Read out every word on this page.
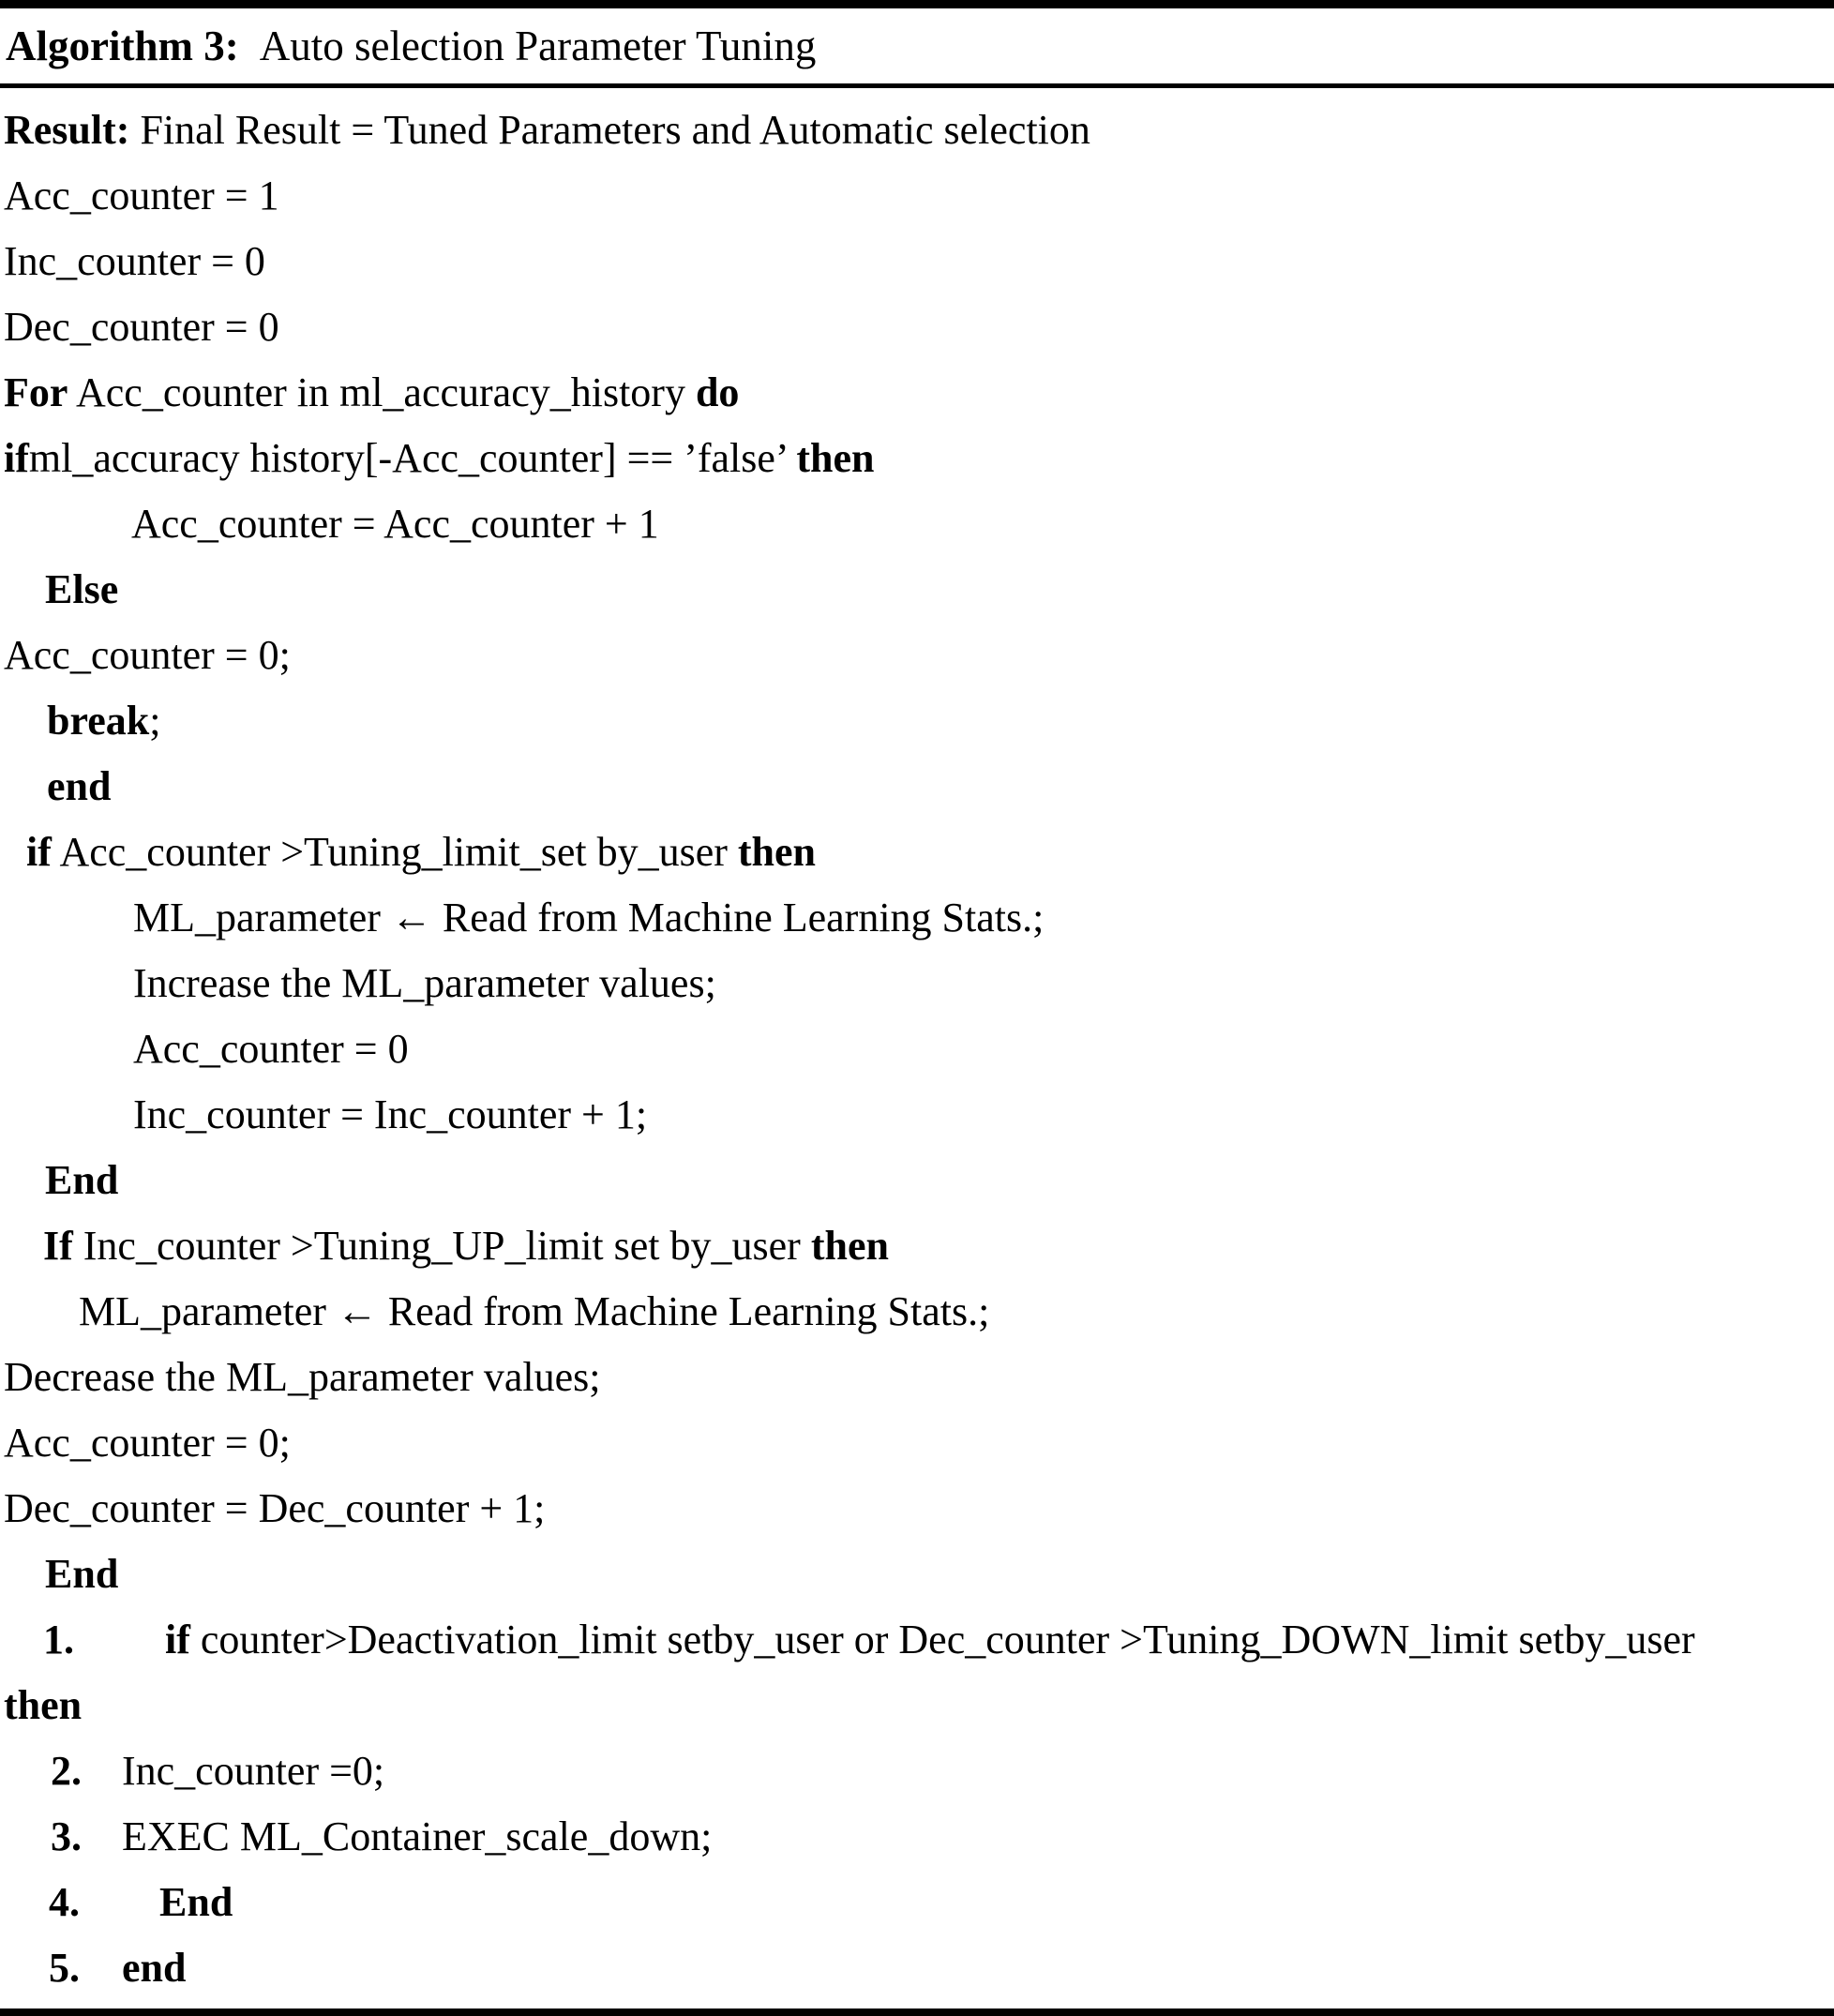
Algorithm 3: Auto selection Parameter Tuning
Result: Final Result = Tuned Parameters and Automatic selection
Acc_counter = 1
Inc_counter = 0
Dec_counter = 0
For Acc_counter in ml_accuracy_history do
ifml_accuracy history[-Acc_counter] == ’false’ then
Acc_counter = Acc_counter + 1
Else
Acc_counter = 0;
break;
end
if Acc_counter >Tuning_limit_set by_user then
ML_parameter ← Read from Machine Learning Stats.;
Increase the ML_parameter values;
Acc_counter = 0
Inc_counter = Inc_counter + 1;
End
If Inc_counter >Tuning_UP_limit set by_user then
ML_parameter ← Read from Machine Learning Stats.;
Decrease the ML_parameter values;
Acc_counter = 0;
Dec_counter = Dec_counter + 1;
End
1. if counter>Deactivation_limit setby_user or Dec_counter >Tuning_DOWN_limit setby_user
then
2. Inc_counter =0;
3. EXEC ML_Container_scale_down;
4. End
5. end
